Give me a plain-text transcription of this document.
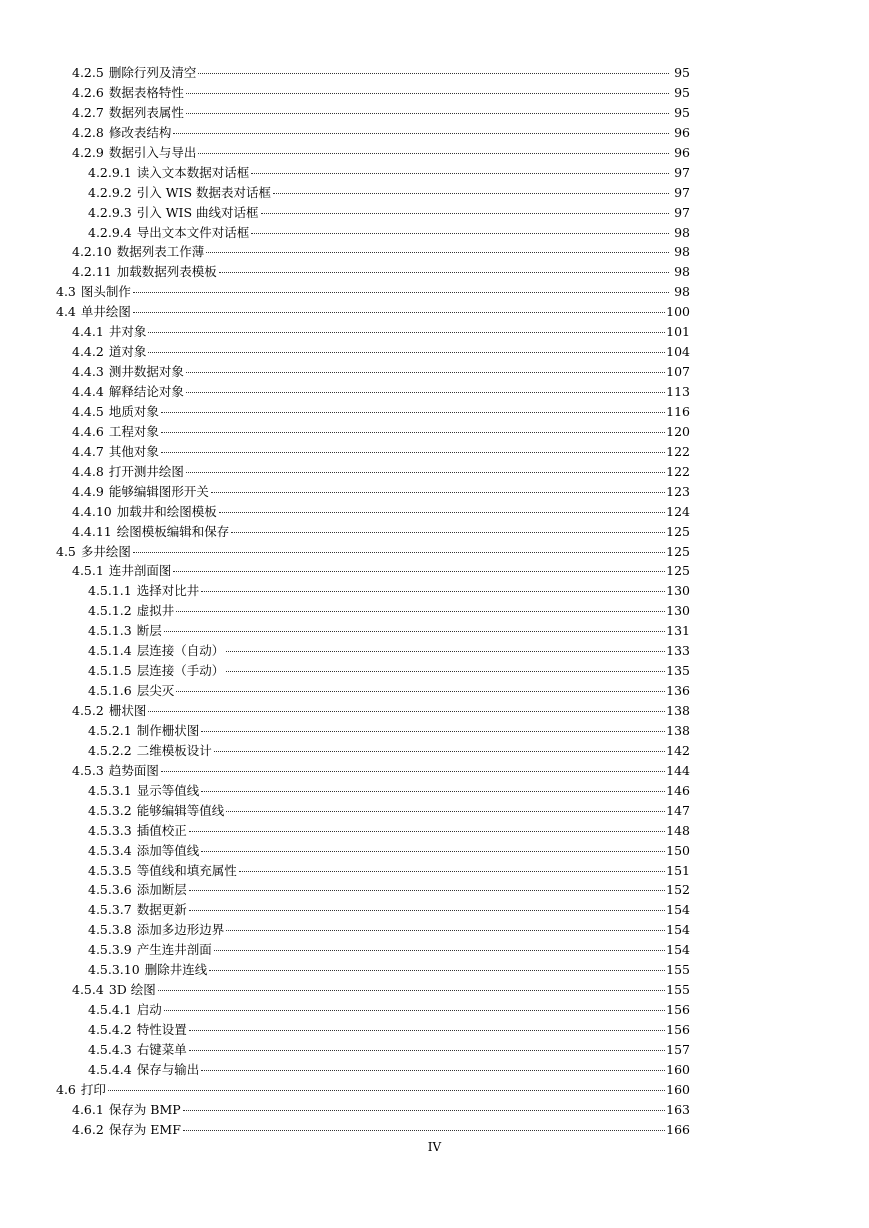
4.2.5 删除行列及清空	95
4.2.6 数据表格特性	95
4.2.7 数据列表属性	95
4.2.8 修改表结构	96
4.2.9 数据引入与导出	96
4.2.9.1 读入文本数据对话框	97
4.2.9.2 引入 WIS 数据表对话框	97
4.2.9.3 引入 WIS 曲线对话框	97
4.2.9.4 导出文本文件对话框	98
4.2.10 数据列表工作薄	98
4.2.11 加载数据列表模板	98
4.3 图头制作	98
4.4 单井绘图	100
4.4.1 井对象	101
4.4.2 道对象	104
4.4.3 测井数据对象	107
4.4.4 解释结论对象	113
4.4.5 地质对象	116
4.4.6 工程对象	120
4.4.7 其他对象	122
4.4.8 打开测井绘图	122
4.4.9 能够编辑图形开关	123
4.4.10 加载井和绘图模板	124
4.4.11 绘图模板编辑和保存	125
4.5 多井绘图	125
4.5.1 连井剖面图	125
4.5.1.1 选择对比井	130
4.5.1.2 虚拟井	130
4.5.1.3 断层	131
4.5.1.4 层连接（自动）	133
4.5.1.5 层连接（手动）	135
4.5.1.6 层尖灭	136
4.5.2 栅状图	138
4.5.2.1 制作栅状图	138
4.5.2.2 二维模板设计	142
4.5.3 趋势面图	144
4.5.3.1 显示等值线	146
4.5.3.2 能够编辑等值线	147
4.5.3.3 插值校正	148
4.5.3.4 添加等值线	150
4.5.3.5 等值线和填充属性	151
4.5.3.6 添加断层	152
4.5.3.7 数据更新	154
4.5.3.8 添加多边形边界	154
4.5.3.9 产生连井剖面	154
4.5.3.10 删除井连线	155
4.5.4 3D 绘图	155
4.5.4.1 启动	156
4.5.4.2 特性设置	156
4.5.4.3 右键菜单	157
4.5.4.4 保存与输出	160
4.6 打印	160
4.6.1 保存为 BMP	163
4.6.2 保存为 EMF	166
IV
